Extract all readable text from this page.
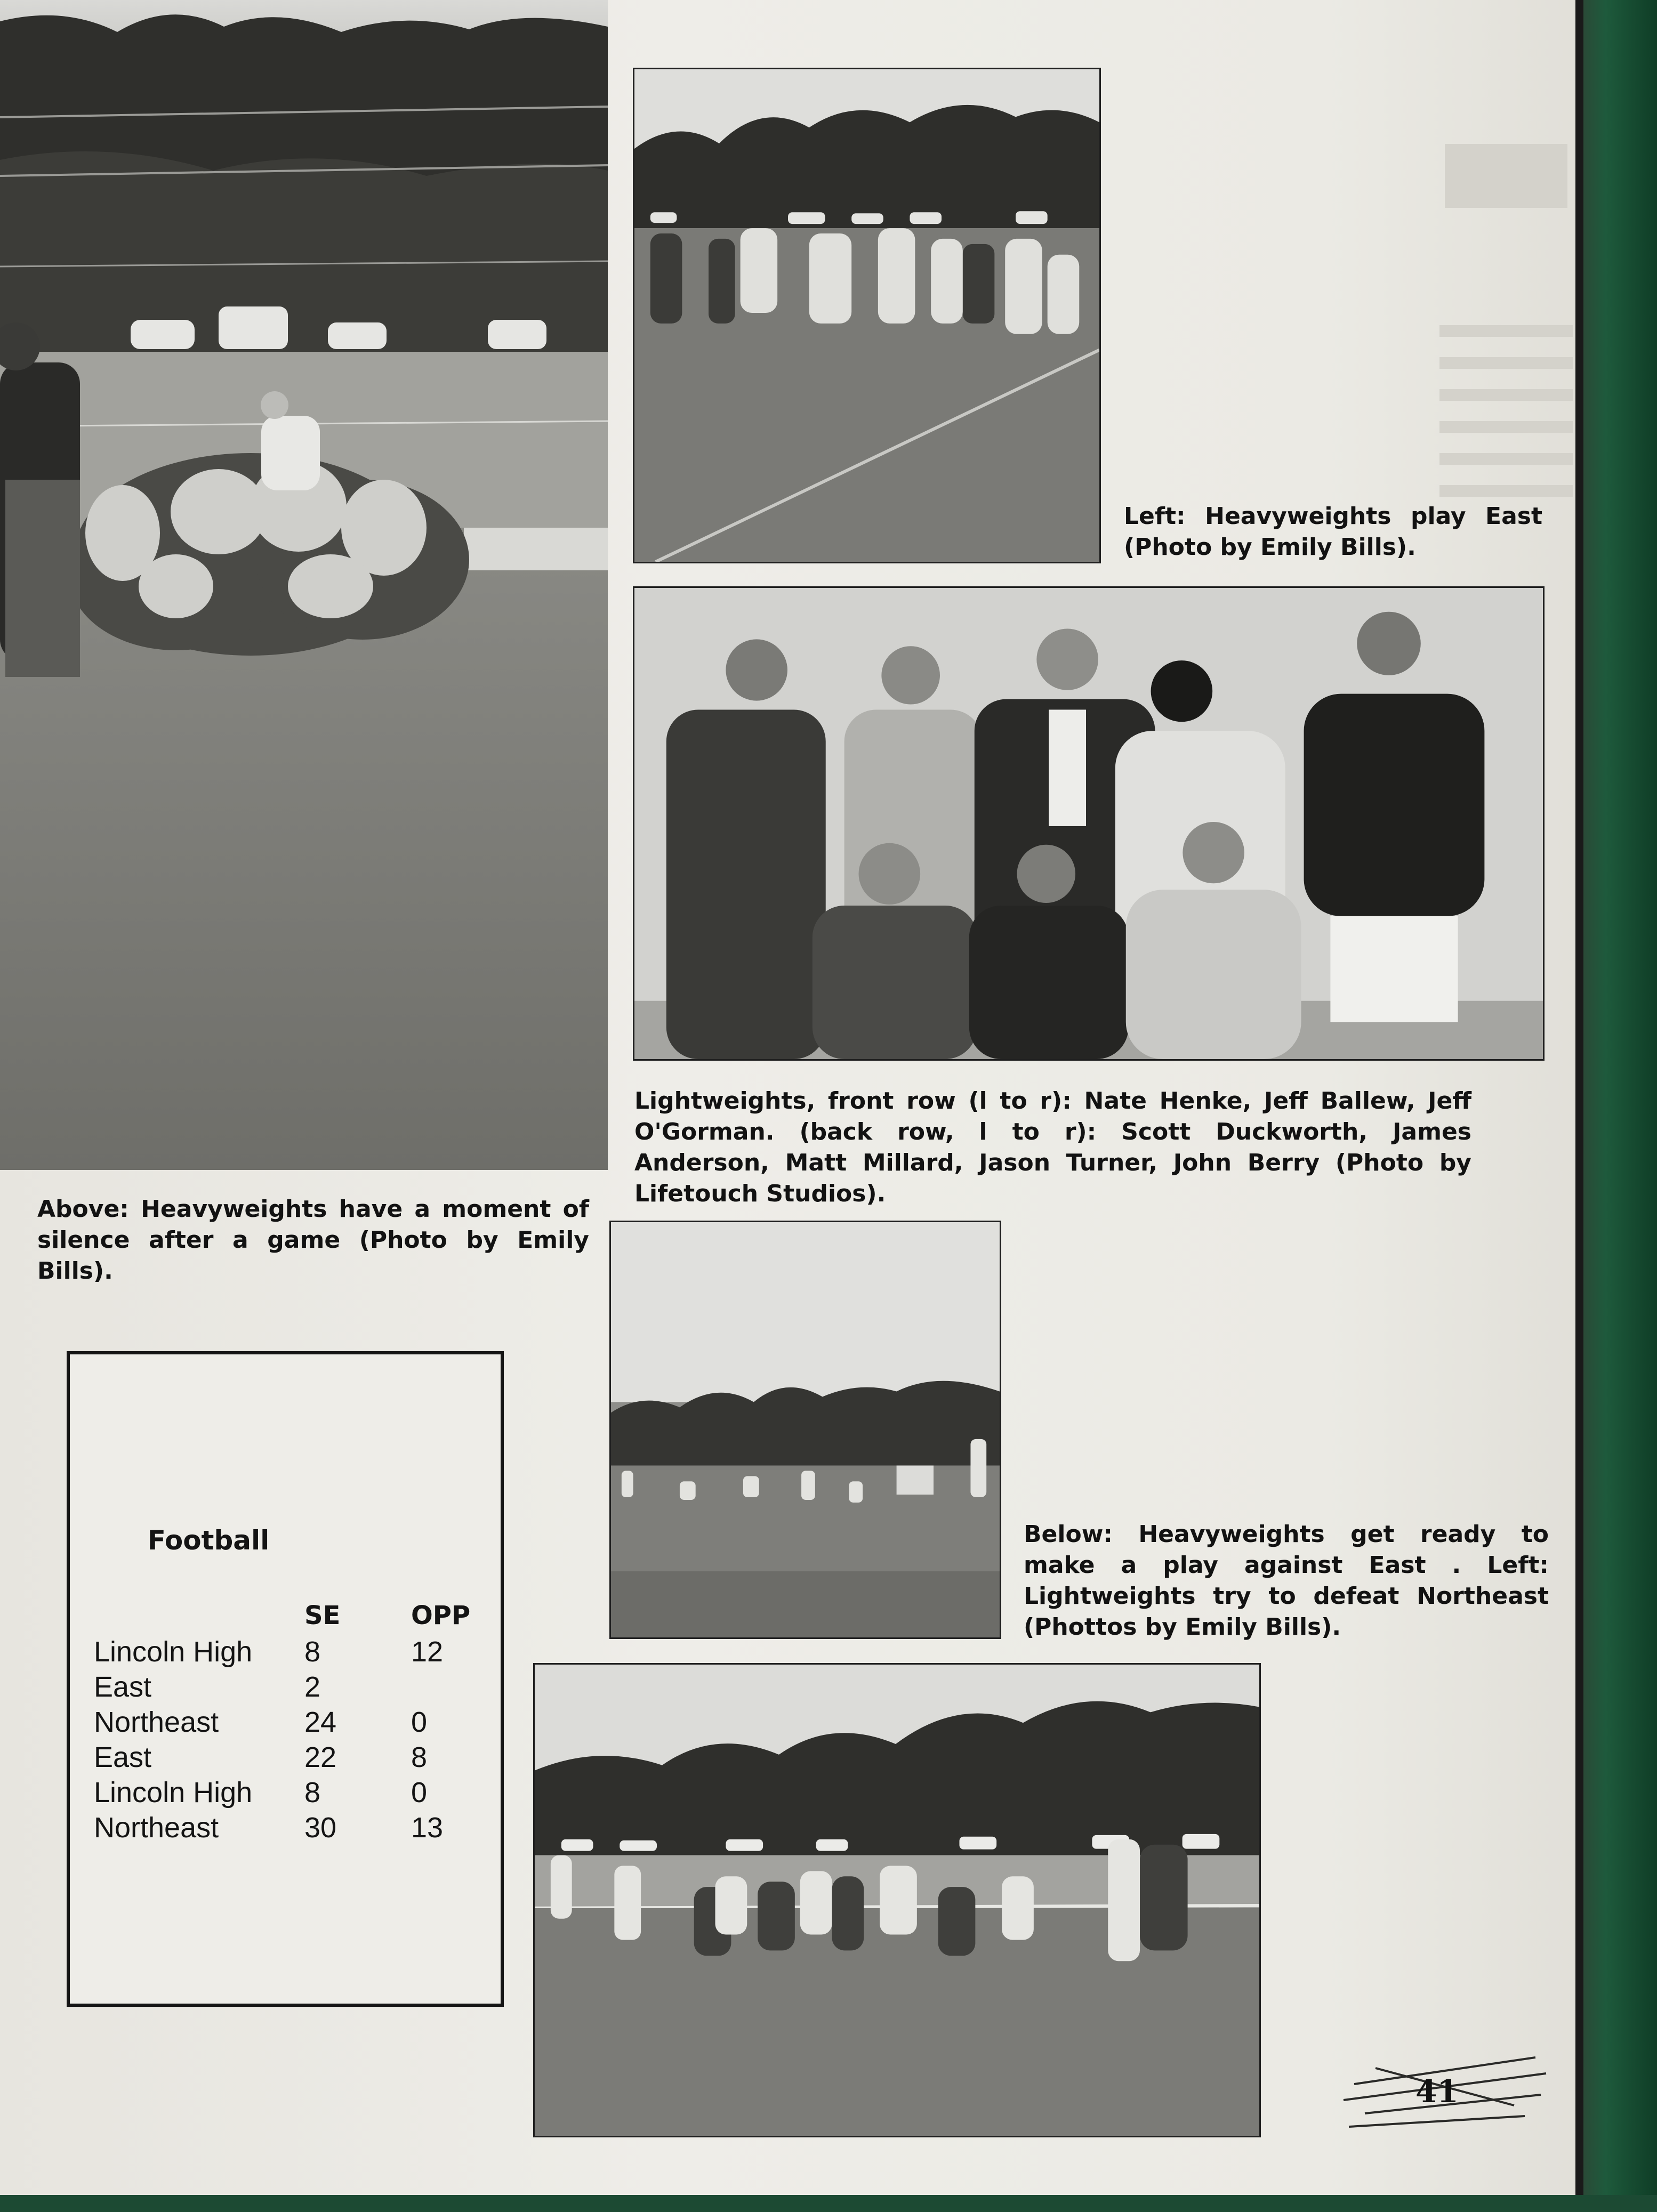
Left: Heavyweights play East (Photo by Emily Bills).
Lightweights, front row (l to r): Nate Henke, Jeff Ballew, Jeff O'Gorman. (back row, l to r): Scott Duckworth, James Anderson, Matt Millard, Jason Turner, John Berry (Photo by Lifetouch Studios).
Above: Heavyweights have a moment of silence after a game (Photo by Emily Bills).
Below: Heavyweights get ready to make a play against East . Left: Lightweights try to defeat Northeast (Phottos by Emily Bills).
Football
	SE	OPP
Lincoln High	8	12
East	2	
Northeast	24	0
East	22	8
Lincoln High	8	0
Northeast	30	13
41
